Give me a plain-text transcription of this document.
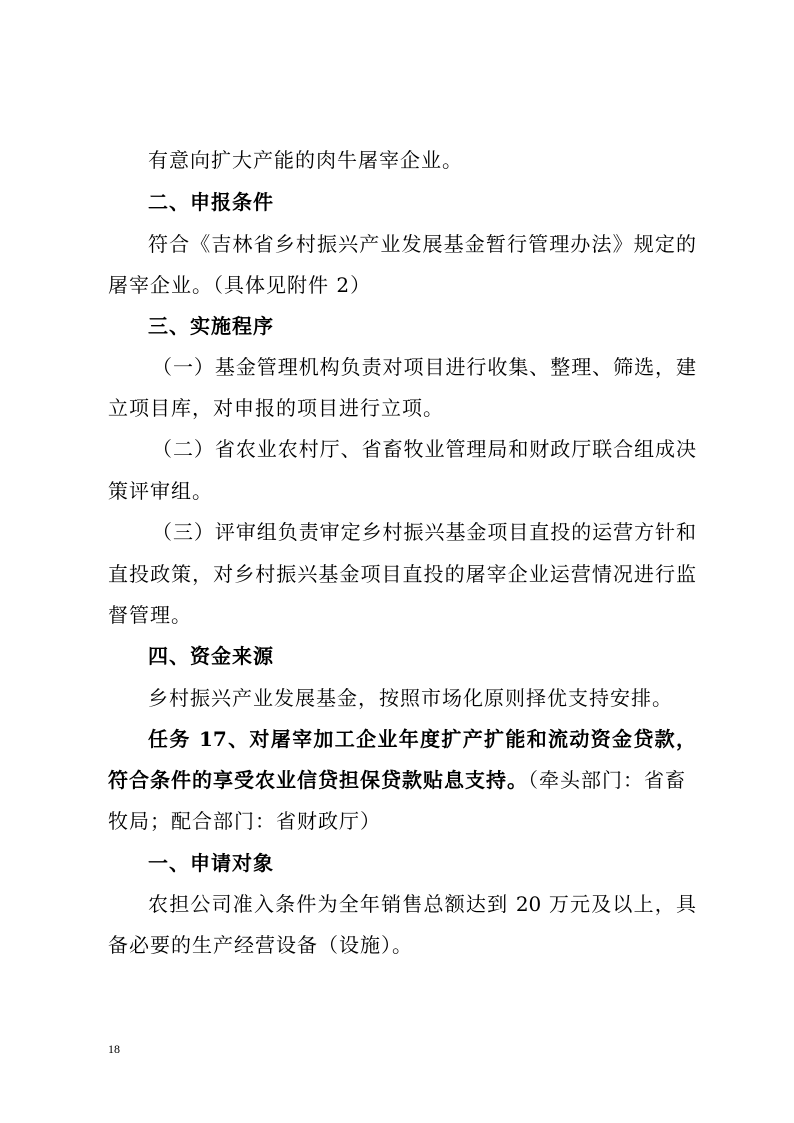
有意向扩大产能的肉牛屠宰企业。
二、申报条件
符合《吉林省乡村振兴产业发展基金暂行管理办法》规定的
屠宰企业。（具体见附件 2）
三、实施程序
（一）基金管理机构负责对项目进行收集、整理、筛选，建
立项目库，对申报的项目进行立项。
（二）省农业农村厅、省畜牧业管理局和财政厅联合组成决
策评审组。
（三）评审组负责审定乡村振兴基金项目直投的运营方针和
直投政策，对乡村振兴基金项目直投的屠宰企业运营情况进行监
督管理。
四、资金来源
乡村振兴产业发展基金，按照市场化原则择优支持安排。
任务 17、对屠宰加工企业年度扩产扩能和流动资金贷款，
符合条件的享受农业信贷担保贷款贴息支持。（牵头部门：省畜
牧局；配合部门：省财政厅）
一、申请对象
农担公司准入条件为全年销售总额达到 20 万元及以上，具
备必要的生产经营设备（设施）。
18
